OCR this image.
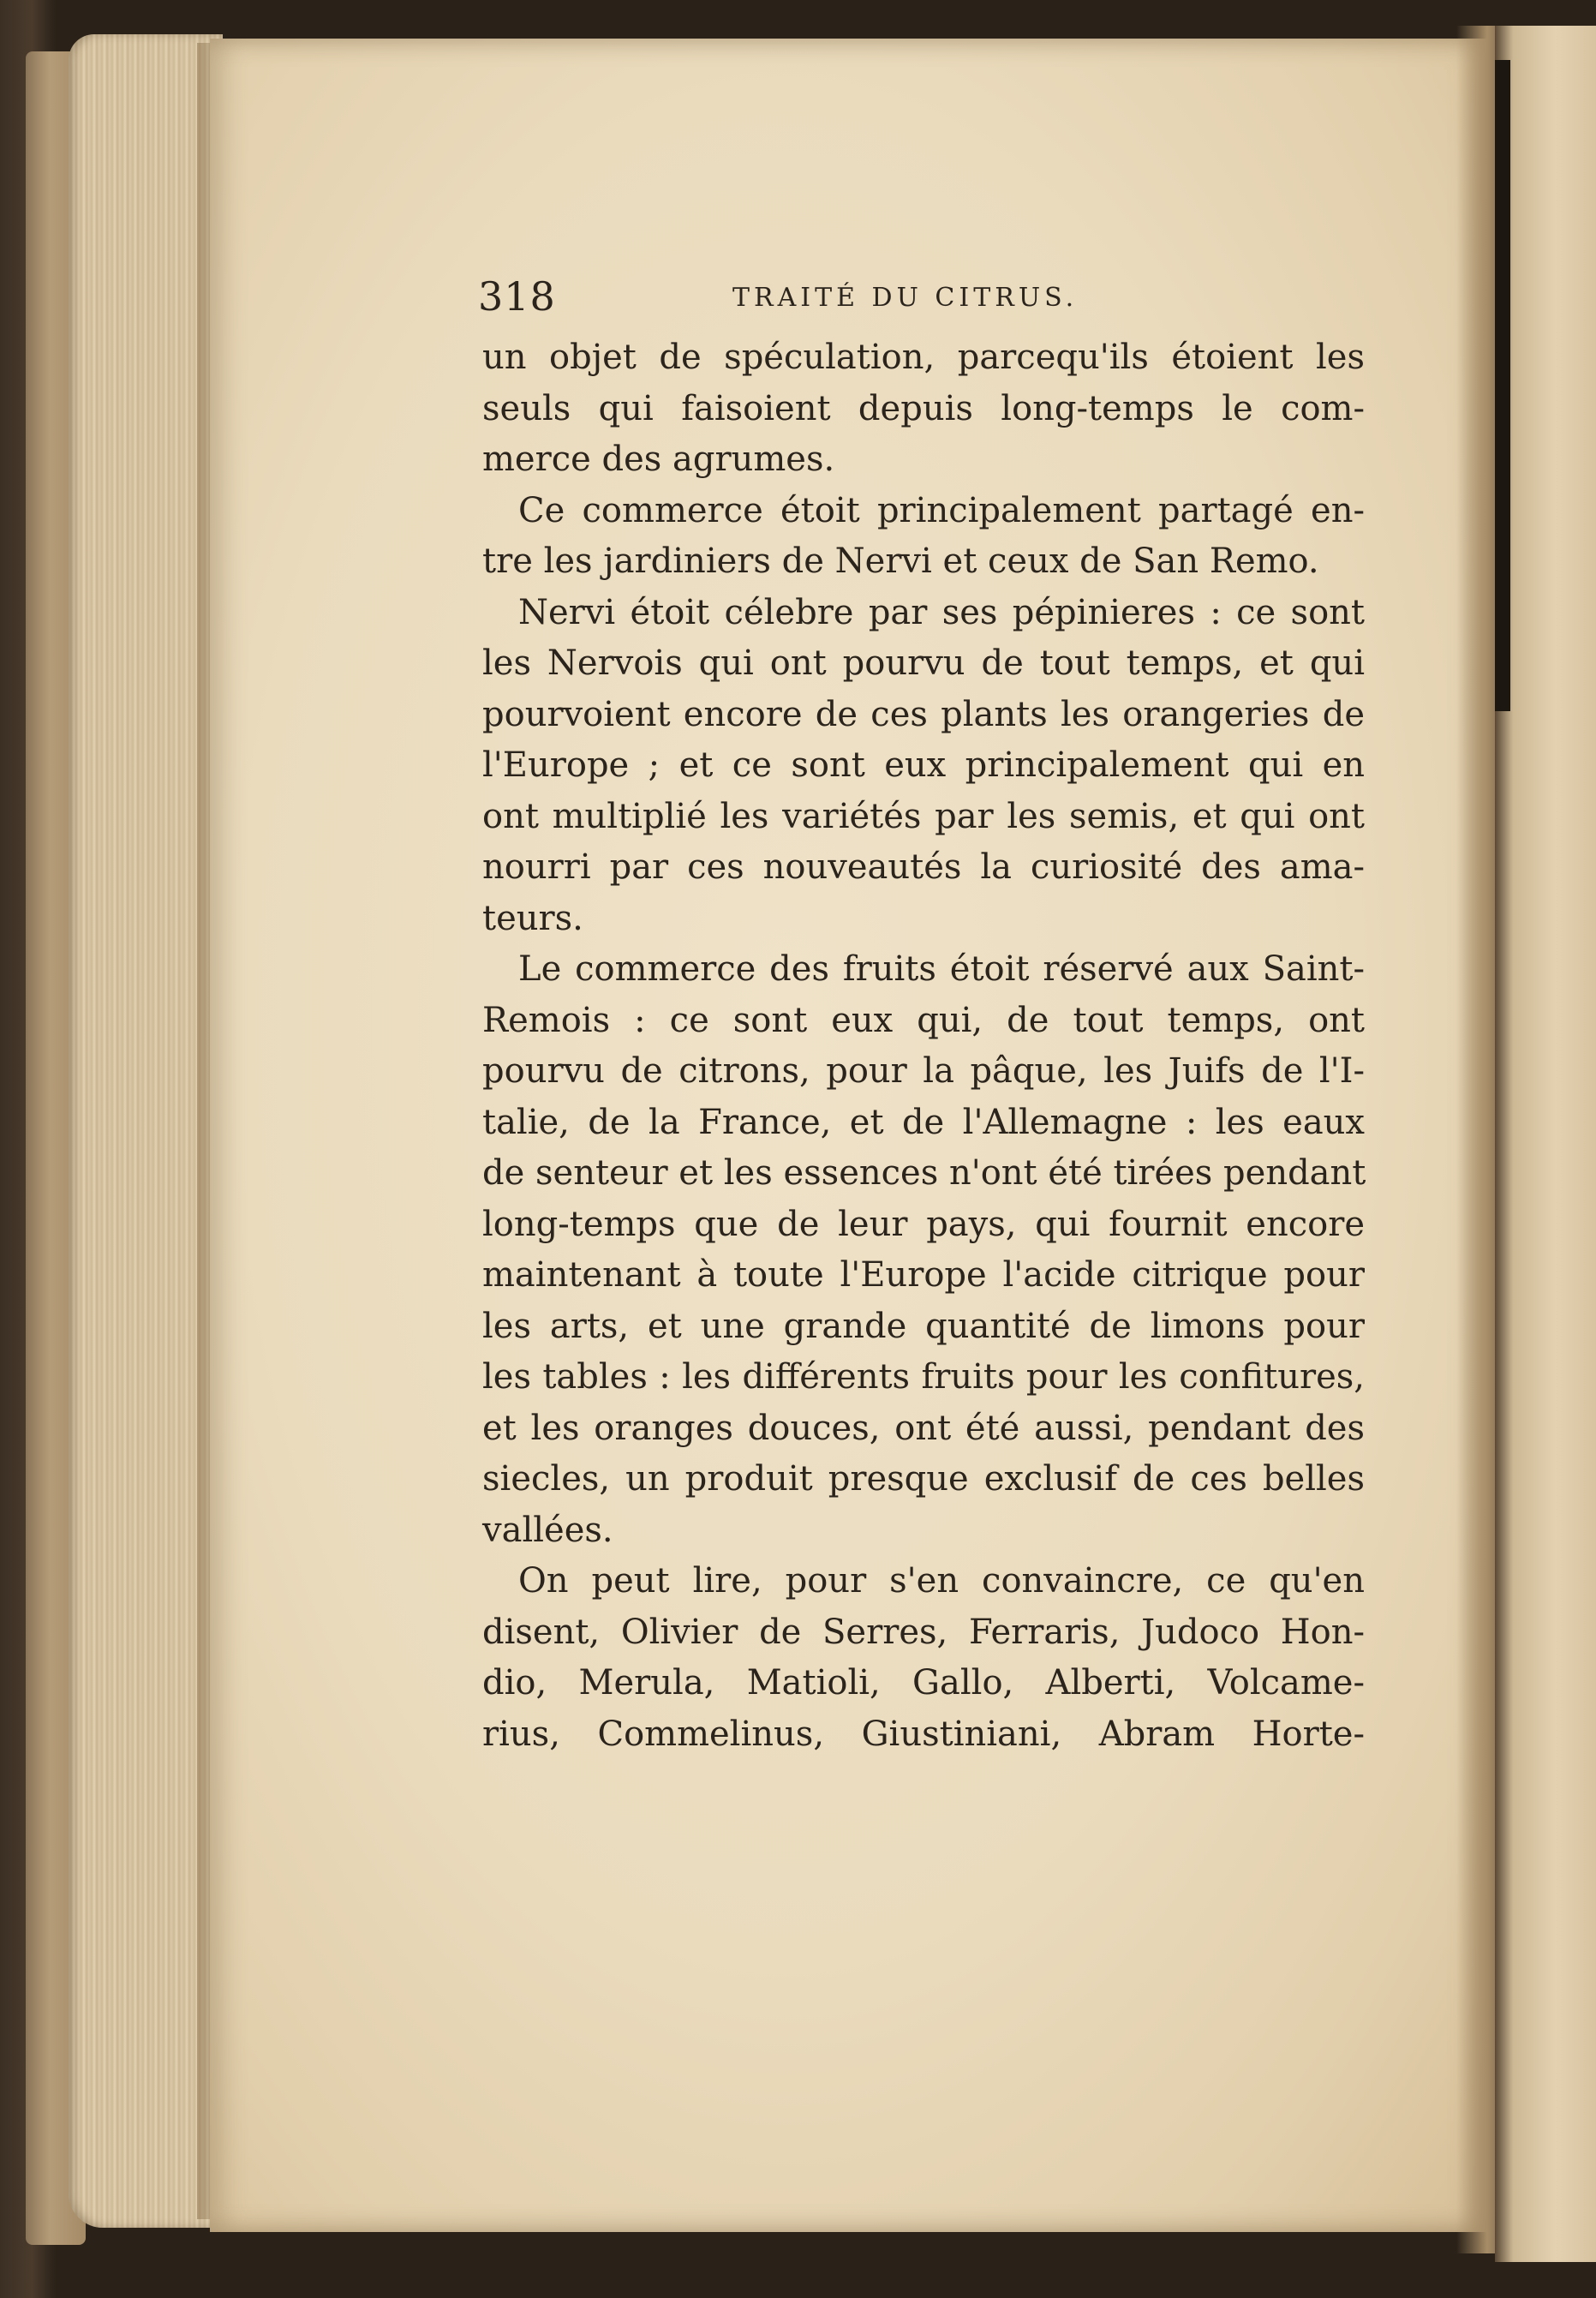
318	TRAITÉ DU CITRUS.
un objet de spéculation, parcequ'ils étoient les
seuls qui faisoient depuis long-temps le com-
merce des agrumes.
Ce commerce étoit principalement partagé en-
tre les jardiniers de Nervi et ceux de San Remo.
Nervi étoit célebre par ses pépinieres : ce sont
les Nervois qui ont pourvu de tout temps, et qui
pourvoient encore de ces plants les orangeries de
l'Europe ; et ce sont eux principalement qui en
ont multiplié les variétés par les semis, et qui ont
nourri par ces nouveautés la curiosité des ama-
teurs.
Le commerce des fruits étoit réservé aux Saint-
Remois : ce sont eux qui, de tout temps, ont
pourvu de citrons, pour la pâque, les Juifs de l'I-
talie, de la France, et de l'Allemagne : les eaux
de senteur et les essences n'ont été tirées pendant
long-temps que de leur pays, qui fournit encore
maintenant à toute l'Europe l'acide citrique pour
les arts, et une grande quantité de limons pour
les tables : les différents fruits pour les confitures,
et les oranges douces, ont été aussi, pendant des
siecles, un produit presque exclusif de ces belles
vallées.
On peut lire, pour s'en convaincre, ce qu'en
disent, Olivier de Serres, Ferraris, Judoco Hon-
dio, Merula, Matioli, Gallo, Alberti, Volcame-
rius, Commelinus, Giustiniani, Abram Horte-
